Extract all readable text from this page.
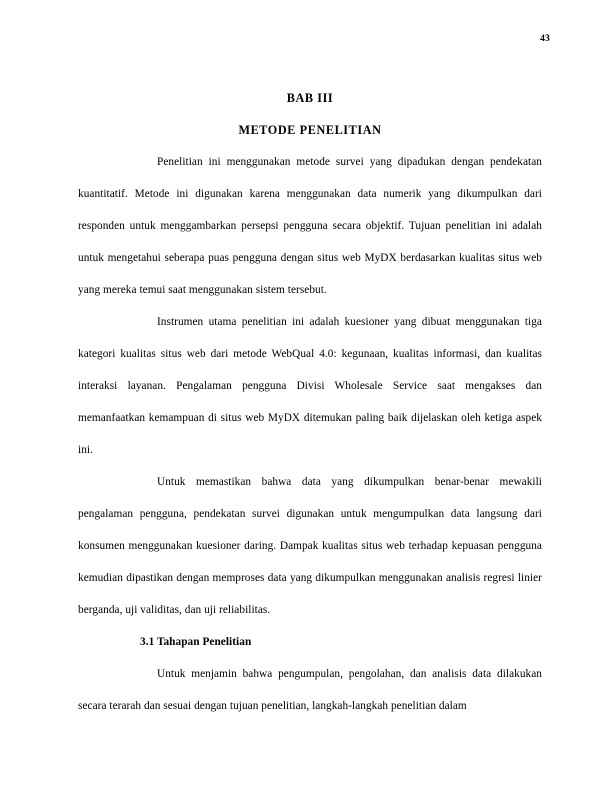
43
BAB III
METODE PENELITIAN

Penelitian ini menggunakan metode survei yang dipadukan dengan pendekatan kuantitatif. Metode ini digunakan karena menggunakan data numerik yang dikumpulkan dari responden untuk menggambarkan persepsi pengguna secara objektif. Tujuan penelitian ini adalah untuk mengetahui seberapa puas pengguna dengan situs web MyDX berdasarkan kualitas situs web yang mereka temui saat menggunakan sistem tersebut.

Instrumen utama penelitian ini adalah kuesioner yang dibuat menggunakan tiga kategori kualitas situs web dari metode WebQual 4.0: kegunaan, kualitas informasi, dan kualitas interaksi layanan. Pengalaman pengguna Divisi Wholesale Service saat mengakses dan memanfaatkan kemampuan di situs web MyDX ditemukan paling baik dijelaskan oleh ketiga aspek ini.

Untuk memastikan bahwa data yang dikumpulkan benar-benar mewakili pengalaman pengguna, pendekatan survei digunakan untuk mengumpulkan data langsung dari konsumen menggunakan kuesioner daring. Dampak kualitas situs web terhadap kepuasan pengguna kemudian dipastikan dengan memproses data yang dikumpulkan menggunakan analisis regresi linier berganda, uji validitas, dan uji reliabilitas.

3.1 Tahapan Penelitian

Untuk menjamin bahwa pengumpulan, pengolahan, dan analisis data dilakukan secara terarah dan sesuai dengan tujuan penelitian, langkah-langkah penelitian dalam
